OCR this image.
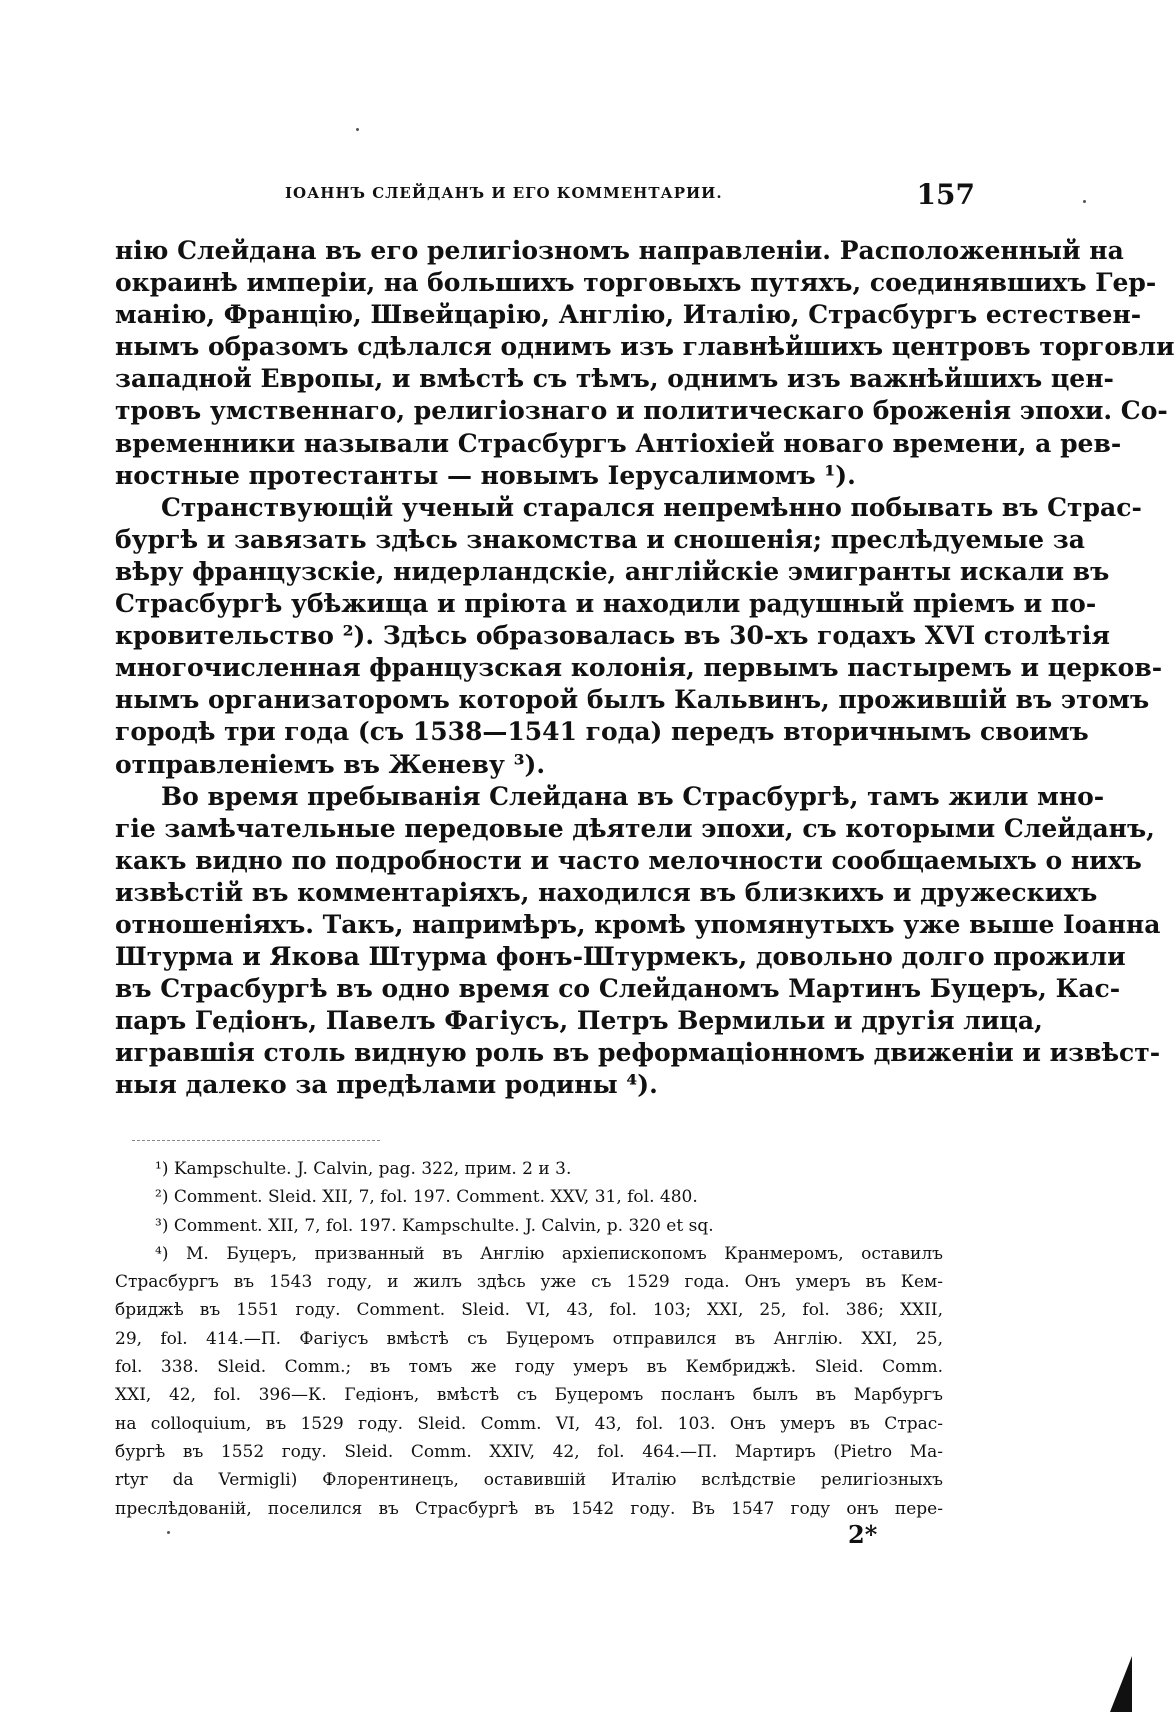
ІОАННЪ СЛЕЙДАНЪ И ЕГО КОММЕНТАРИИ.	157
нію Слейдана въ его религіозномъ направленіи. Расположенный на
окраинѣ имперіи, на большихъ торговыхъ путяхъ, соединявшихъ Гер-
манію, Францію, Швейцарію, Англію, Италію, Страсбургъ естествен-
нымъ образомъ сдѣлался однимъ изъ главнѣйшихъ центровъ торговли
западной Европы, и вмѣстѣ съ тѣмъ, однимъ изъ важнѣйшихъ цен-
тровъ умственнаго, религіознаго и политическаго броженія эпохи. Со-
временники называли Страсбургъ Антіохіей новаго времени, а рев-
ностные протестанты — новымъ Іерусалимомъ ¹).
Странствующій ученый старался непремѣнно побывать въ Страс-
бургѣ и завязать здѣсь знакомства и сношенія; преслѣдуемые за
вѣру французскіе, нидерландскіе, англійскіе эмигранты искали въ
Страсбургѣ убѣжища и пріюта и находили радушный пріемъ и по-
кровительство ²). Здѣсь образовалась въ 30-хъ годахъ XVI столѣтія
многочисленная французская колонія, первымъ пастыремъ и церков-
нымъ организаторомъ которой былъ Кальвинъ, прожившій въ этомъ
городѣ три года (съ 1538—1541 года) передъ вторичнымъ своимъ
отправленіемъ въ Женеву ³).
Во время пребыванія Слейдана въ Страсбургѣ, тамъ жили мно-
гіе замѣчательные передовые дѣятели эпохи, съ которыми Слейданъ,
какъ видно по подробности и часто мелочности сообщаемыхъ о нихъ
извѣстій въ комментаріяхъ, находился въ близкихъ и дружескихъ
отношеніяхъ. Такъ, напримѣръ, кромѣ упомянутыхъ уже выше Іоанна
Штурма и Якова Штурма фонъ-Штурмекъ, довольно долго прожили
въ Страсбургѣ въ одно время со Слейданомъ Мартинъ Буцеръ, Кас-
паръ Гедіонъ, Павелъ Фагіусъ, Петръ Вермильи и другія лица,
игравшія столь видную роль въ реформаціонномъ движеніи и извѣст-
ныя далеко за предѣлами родины ⁴).
¹) Kampschulte. J. Calvin, pag. 322, прим. 2 и 3.
²) Comment. Sleid. XII, 7, fol. 197. Comment. XXV, 31, fol. 480.
³) Comment. XII, 7, fol. 197. Kampschulte. J. Calvin, p. 320 et sq.
⁴) М. Буцеръ, призванный въ Англію архіепископомъ Кранмеромъ, оставилъ
Страсбургъ въ 1543 году, и жилъ здѣсь уже съ 1529 года. Онъ умеръ въ Кем-
бриджѣ въ 1551 году. Comment. Sleid. VI, 43, fol. 103; XXI, 25, fol. 386; XXII,
29, fol. 414.—П. Фагіусъ вмѣстѣ съ Буцеромъ отправился въ Англію. XXI, 25,
fol. 338. Sleid. Comm.; въ томъ же году умеръ въ Кембриджѣ. Sleid. Comm.
XXI, 42, fol. 396—К. Гедіонъ, вмѣстѣ съ Буцеромъ посланъ былъ въ Марбургъ
на colloquium, въ 1529 году. Sleid. Comm. VI, 43, fol. 103. Онъ умеръ въ Страс-
бургѣ въ 1552 году. Sleid. Comm. XXIV, 42, fol. 464.—П. Мартиръ (Pietro Ma-
rtyr da Vermigli) Флорентинецъ, оставившій Италію вслѣдствіе религіозныхъ
преслѣдованій, поселился въ Страсбургѣ въ 1542 году. Въ 1547 году онъ пере-
2*
